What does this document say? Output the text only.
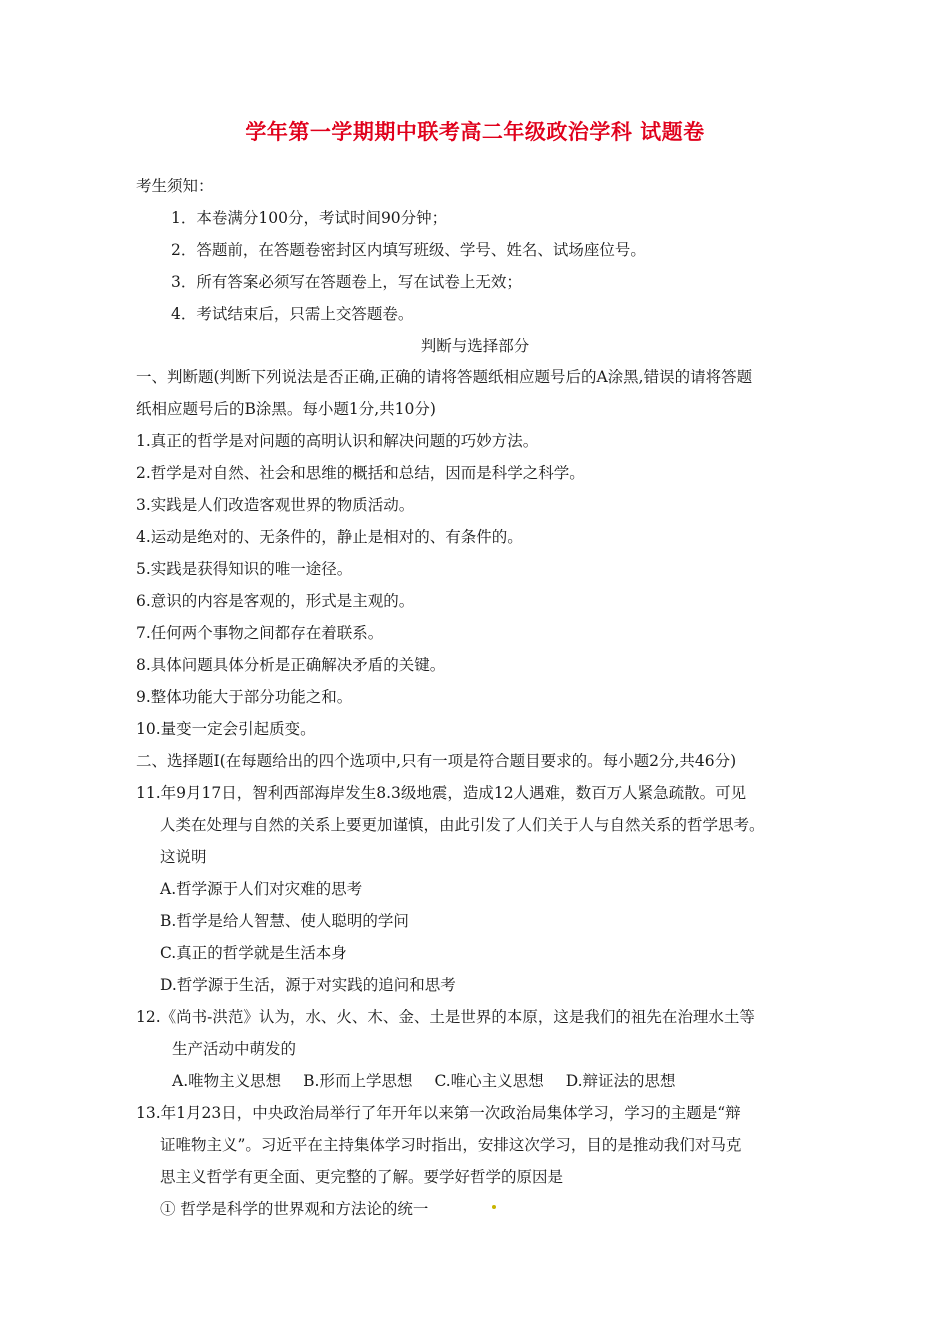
学年第一学期期中联考高二年级政治学科 试题卷
考生须知：
1．本卷满分100分，考试时间90分钟；
2．答题前，在答题卷密封区内填写班级、学号、姓名、试场座位号。
3．所有答案必须写在答题卷上，写在试卷上无效；
4．考试结束后，只需上交答题卷。
判断与选择部分
一、判断题(判断下列说法是否正确,正确的请将答题纸相应题号后的A涂黑,错误的请将答题
纸相应题号后的B涂黑。每小题1分,共10分)
1.真正的哲学是对问题的高明认识和解决问题的巧妙方法。
2.哲学是对自然、社会和思维的概括和总结，因而是科学之科学。
3.实践是人们改造客观世界的物质活动。
4.运动是绝对的、无条件的，静止是相对的、有条件的。
5.实践是获得知识的唯一途径。
6.意识的内容是客观的，形式是主观的。
7.任何两个事物之间都存在着联系。
8.具体问题具体分析是正确解决矛盾的关键。
9.整体功能大于部分功能之和。
10.量变一定会引起质变。
二、选择题Ⅰ(在每题给出的四个选项中,只有一项是符合题目要求的。每小题2分,共46分)
11.年9月17日，智利西部海岸发生8.3级地震，造成12人遇难，数百万人紧急疏散。可见
人类在处理与自然的关系上要更加谨慎，由此引发了人们关于人与自然关系的哲学思考。
这说明
A.哲学源于人们对灾难的思考
B.哲学是给人智慧、使人聪明的学问
C.真正的哲学就是生活本身
D.哲学源于生活，源于对实践的追问和思考
12.《尚书-洪范》认为，水、火、木、金、土是世界的本原，这是我们的祖先在治理水土等
生产活动中萌发的
A.唯物主义思想 B.形而上学思想 C.唯心主义思想 D.辩证法的思想
13.年1月23日，中央政治局举行了年开年以来第一次政治局集体学习，学习的主题是“辩
证唯物主义”。习近平在主持集体学习时指出，安排这次学习，目的是推动我们对马克
思主义哲学有更全面、更完整的了解。要学好哲学的原因是
① 哲学是科学的世界观和方法论的统一
